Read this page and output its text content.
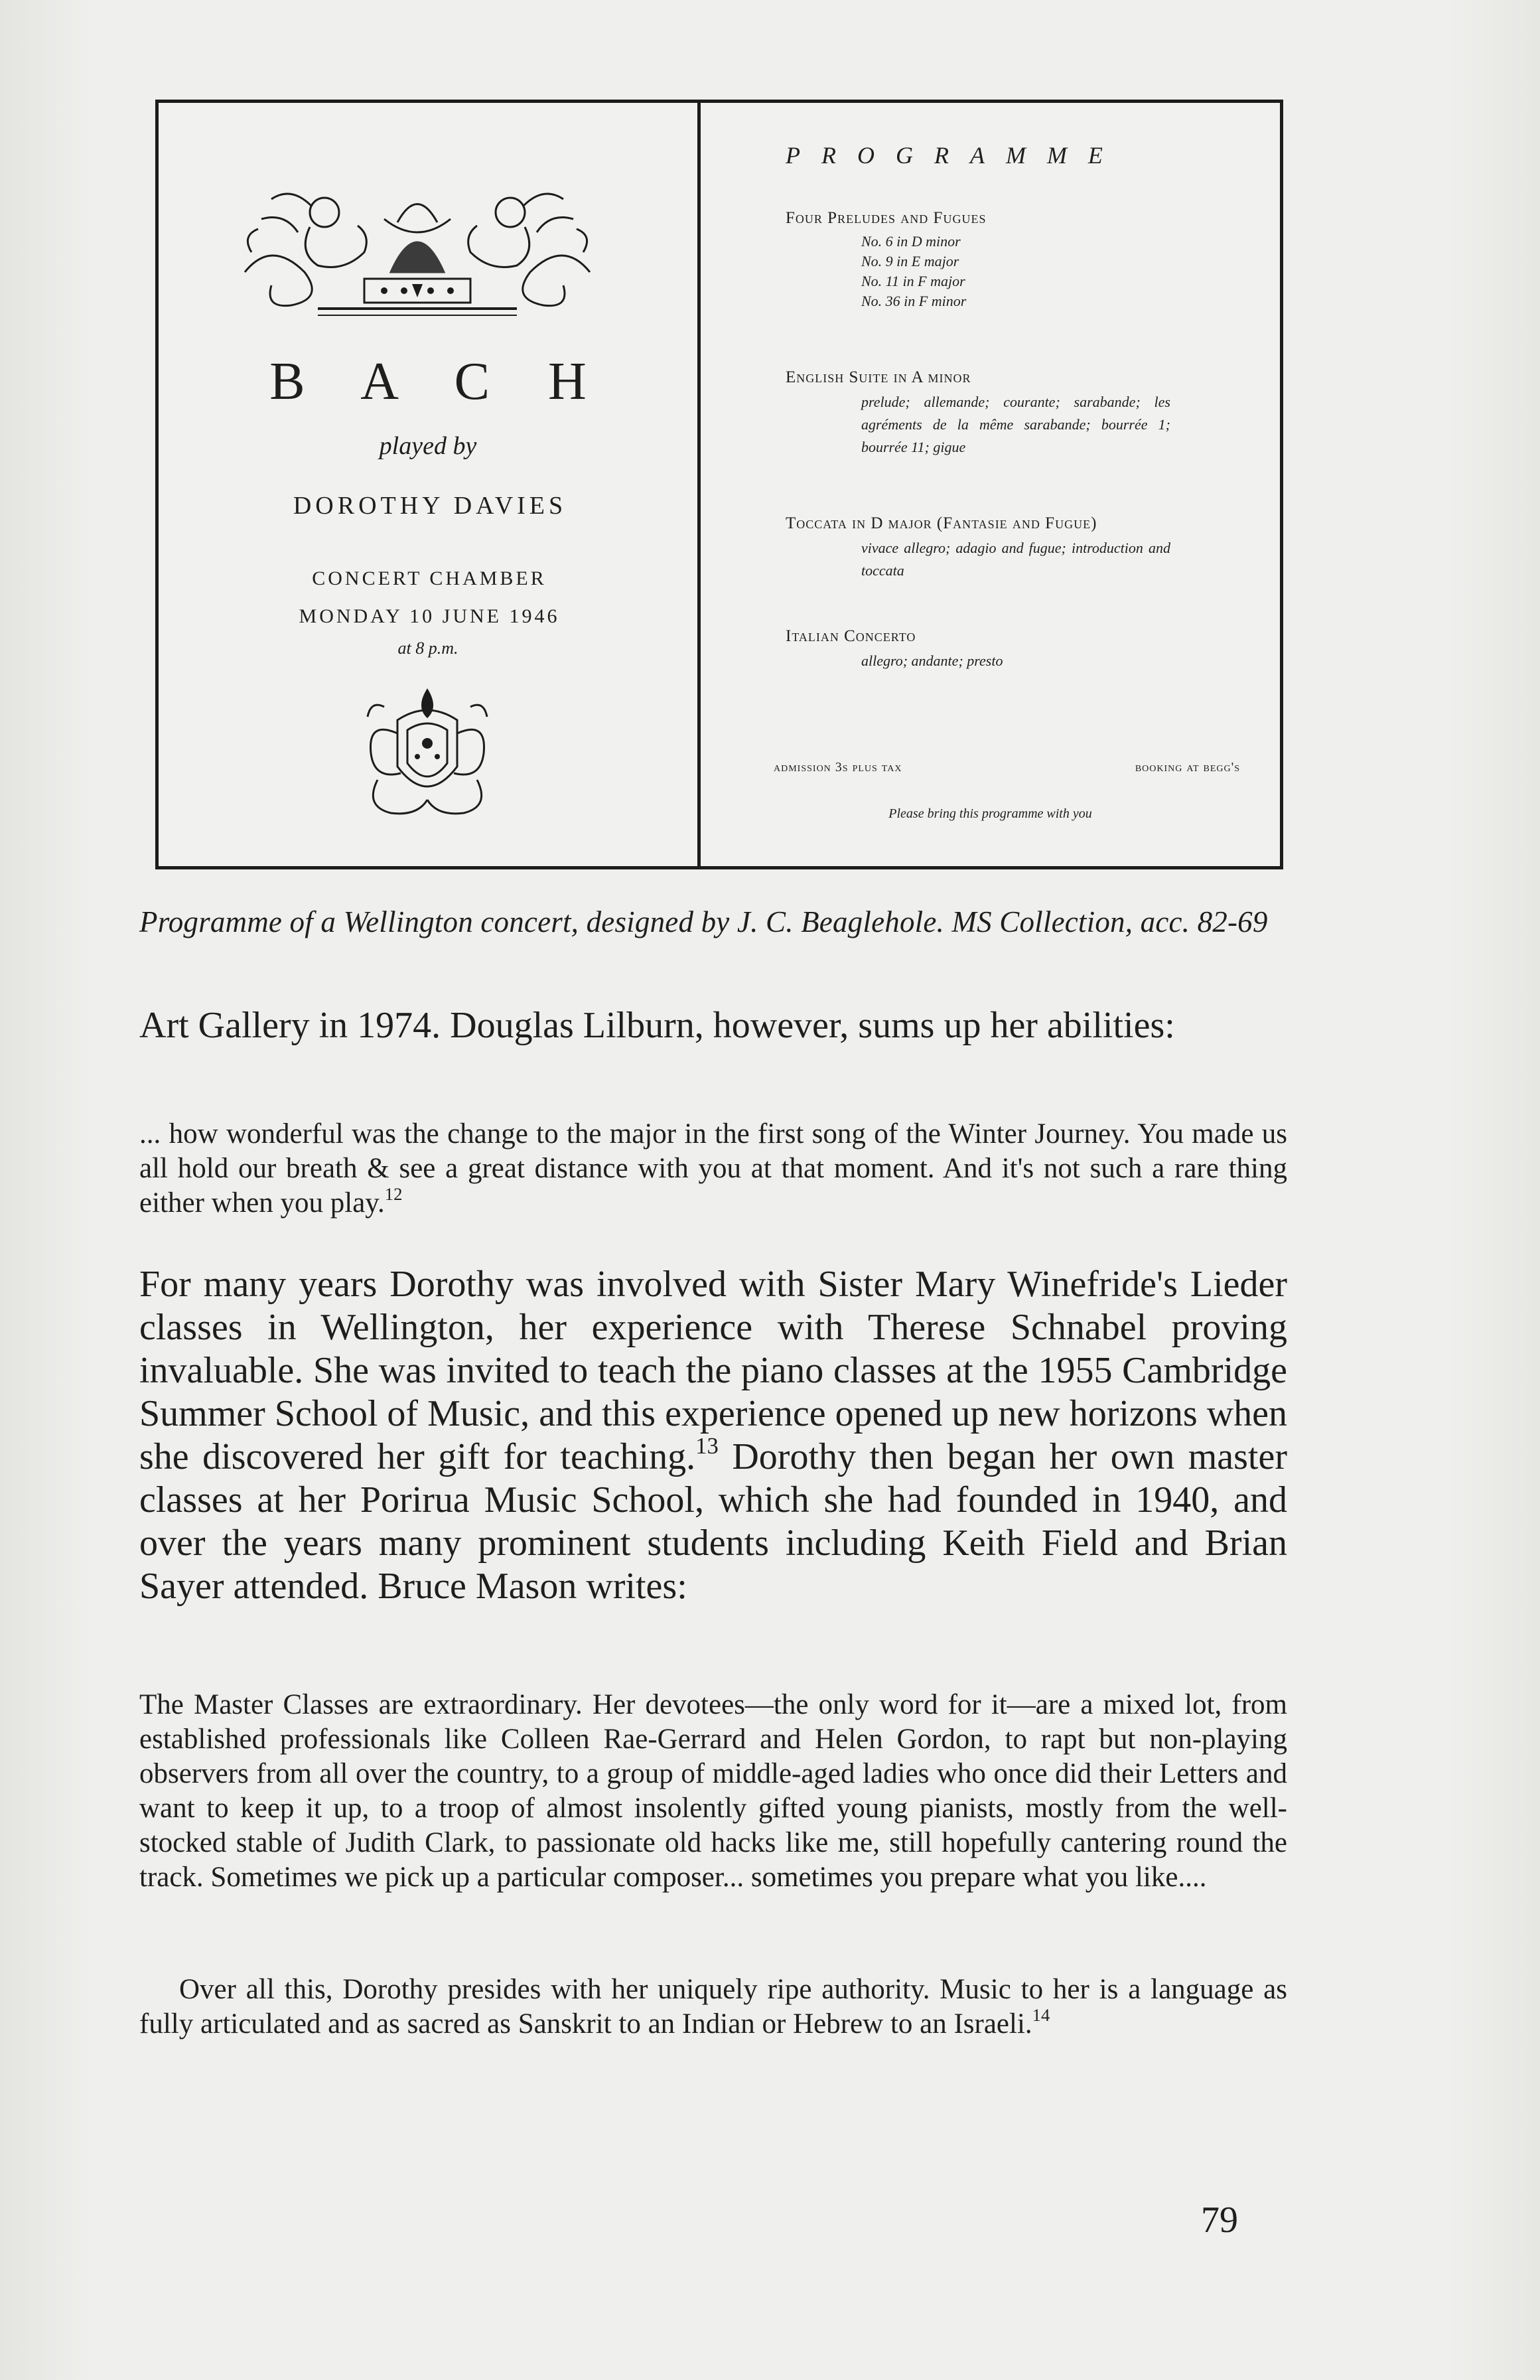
B A C H
played by
DOROTHY DAVIES
CONCERT CHAMBER
MONDAY 10 JUNE 1946
at 8 p.m.
PROGRAMME
Four Preludes and Fugues
No. 6 in D minor
No. 9 in E major
No. 11 in F major
No. 36 in F minor
English Suite in A minor
prelude; allemande; courante; sarabande; les agréments de la même sarabande; bourrée 1; bourrée 11; gigue
Toccata in D major (Fantasie and Fugue)
vivace allegro; adagio and fugue; introduction and toccata
Italian Concerto
allegro; andante; presto
admission 3s plus tax	booking at begg's
Please bring this programme with you
Programme of a Wellington concert, designed by J. C. Beaglehole. MS Collection, acc. 82-69
Art Gallery in 1974. Douglas Lilburn, however, sums up her abilities:
... how wonderful was the change to the major in the first song of the Winter Journey. You made us all hold our breath & see a great distance with you at that moment. And it's not such a rare thing either when you play.$^{12}$
For many years Dorothy was involved with Sister Mary Winefride's Lieder classes in Wellington, her experience with Therese Schnabel proving invaluable. She was invited to teach the piano classes at the 1955 Cambridge Summer School of Music, and this experience opened up new horizons when she discovered her gift for teaching.$^{13}$ Dorothy then began her own master classes at her Porirua Music School, which she had founded in 1940, and over the years many prominent students including Keith Field and Brian Sayer attended. Bruce Mason writes:
The Master Classes are extraordinary. Her devotees—the only word for it—are a mixed lot, from established professionals like Colleen Rae-Gerrard and Helen Gordon, to rapt but non-playing observers from all over the country, to a group of middle-aged ladies who once did their Letters and want to keep it up, to a troop of almost insolently gifted young pianists, mostly from the well-stocked stable of Judith Clark, to passionate old hacks like me, still hopefully cantering round the track. Sometimes we pick up a particular composer... sometimes you prepare what you like....
Over all this, Dorothy presides with her uniquely ripe authority. Music to her is a language as fully articulated and as sacred as Sanskrit to an Indian or Hebrew to an Israeli.$^{14}$
79
